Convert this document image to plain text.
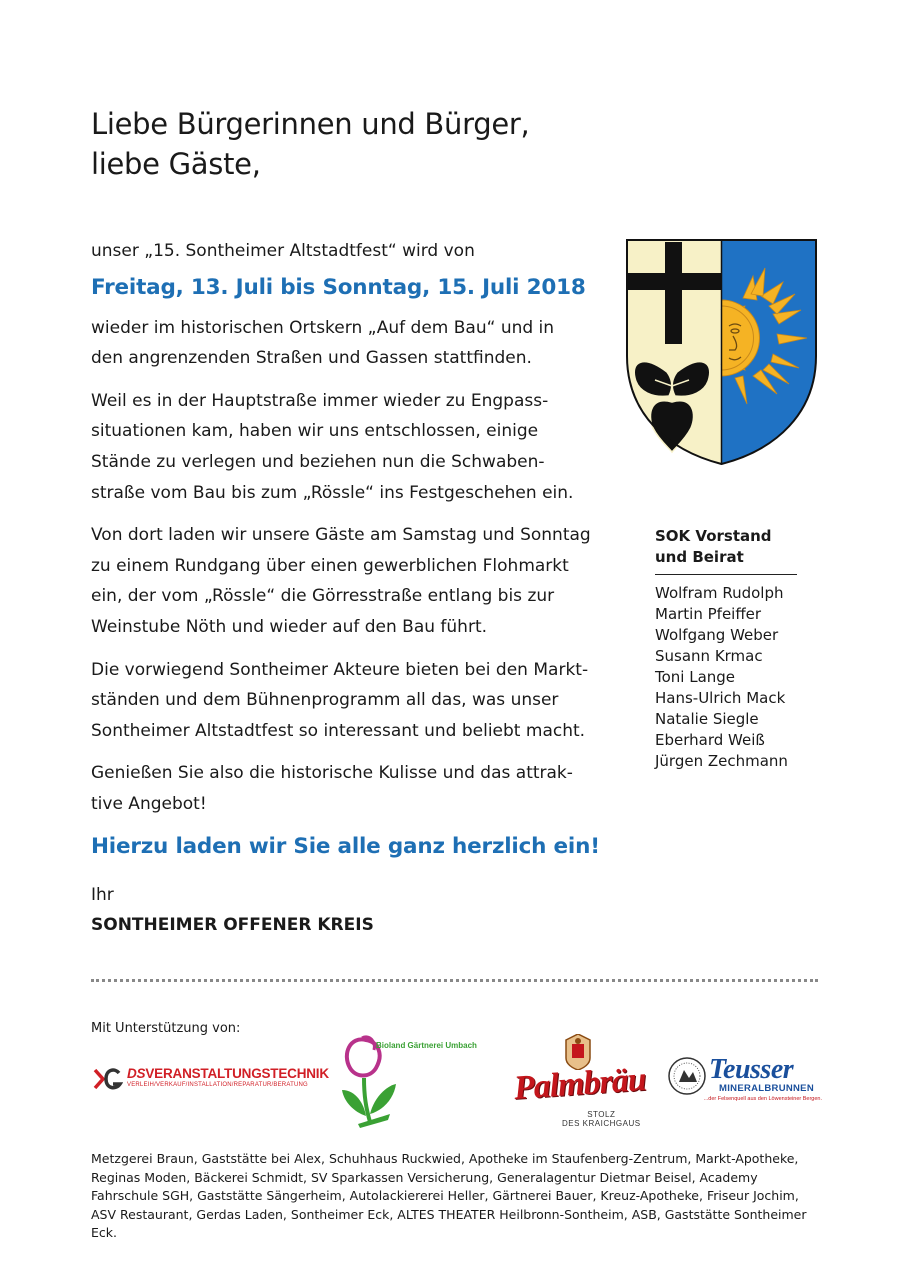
Liebe Bürgerinnen und Bürger,
liebe Gäste,

unser „15. Sontheimer Altstadtfest“ wird von

Freitag, 13. Juli bis Sonntag, 15. Juli 2018

wieder im historischen Ortskern „Auf dem Bau“ und in den angrenzenden Straßen und Gassen stattfinden.

Weil es in der Hauptstraße immer wieder zu Engpasssituationen kam, haben wir uns entschlossen, einige Stände zu verlegen und beziehen nun die Schwabenstraße vom Bau bis zum „Rössle“ ins Festgeschehen ein.

Von dort laden wir unsere Gäste am Samstag und Sonntag zu einem Rundgang über einen gewerblichen Flohmarkt ein, der vom „Rössle“ die Görresstraße entlang bis zur Weinstube Nöth und wieder auf den Bau führt.

Die vorwiegend Sontheimer Akteure bieten bei den Marktständen und dem Bühnenprogramm all das, was unser Sontheimer Altstadtfest so interessant und beliebt macht.

Genießen Sie also die historische Kulisse und das attraktive Angebot!

Hierzu laden wir Sie alle ganz herzlich ein!

Ihr

SONTHEIMER OFFENER KREIS

SOK Vorstand
und Beirat
Wolfram Rudolph
Martin Pfeiffer
Wolfgang Weber
Susann Krmac
Toni Lange
Hans-Ulrich Mack
Natalie Siegle
Eberhard Weiß
Jürgen Zechmann
Mit Unterstützung von:
DSVERANSTALTUNGSTECHNIK
VERLEIH/VERKAUF/INSTALLATION/REPARATUR/BERATUNG
Bioland Gärtnerei Umbach
Palmbräu
STOLZ
DES KRAICHGAUS
Teusser
MINERALBRUNNEN
...der Felsenquell aus den Löwensteiner Bergen.
Metzgerei Braun, Gaststätte bei Alex, Schuhhaus Ruckwied, Apotheke im Staufenberg-Zentrum, Markt-Apotheke, Reginas Moden, Bäckerei Schmidt, SV Sparkassen Versicherung, Generalagentur Dietmar Beisel, Academy Fahrschule SGH, Gaststätte Sängerheim, Autolackiererei Heller, Gärtnerei Bauer, Kreuz-Apotheke, Friseur Jochim, ASV Restaurant, Gerdas Laden, Sontheimer Eck, ALTES THEATER Heilbronn-Sontheim, ASB, Gaststätte Sontheimer Eck.
